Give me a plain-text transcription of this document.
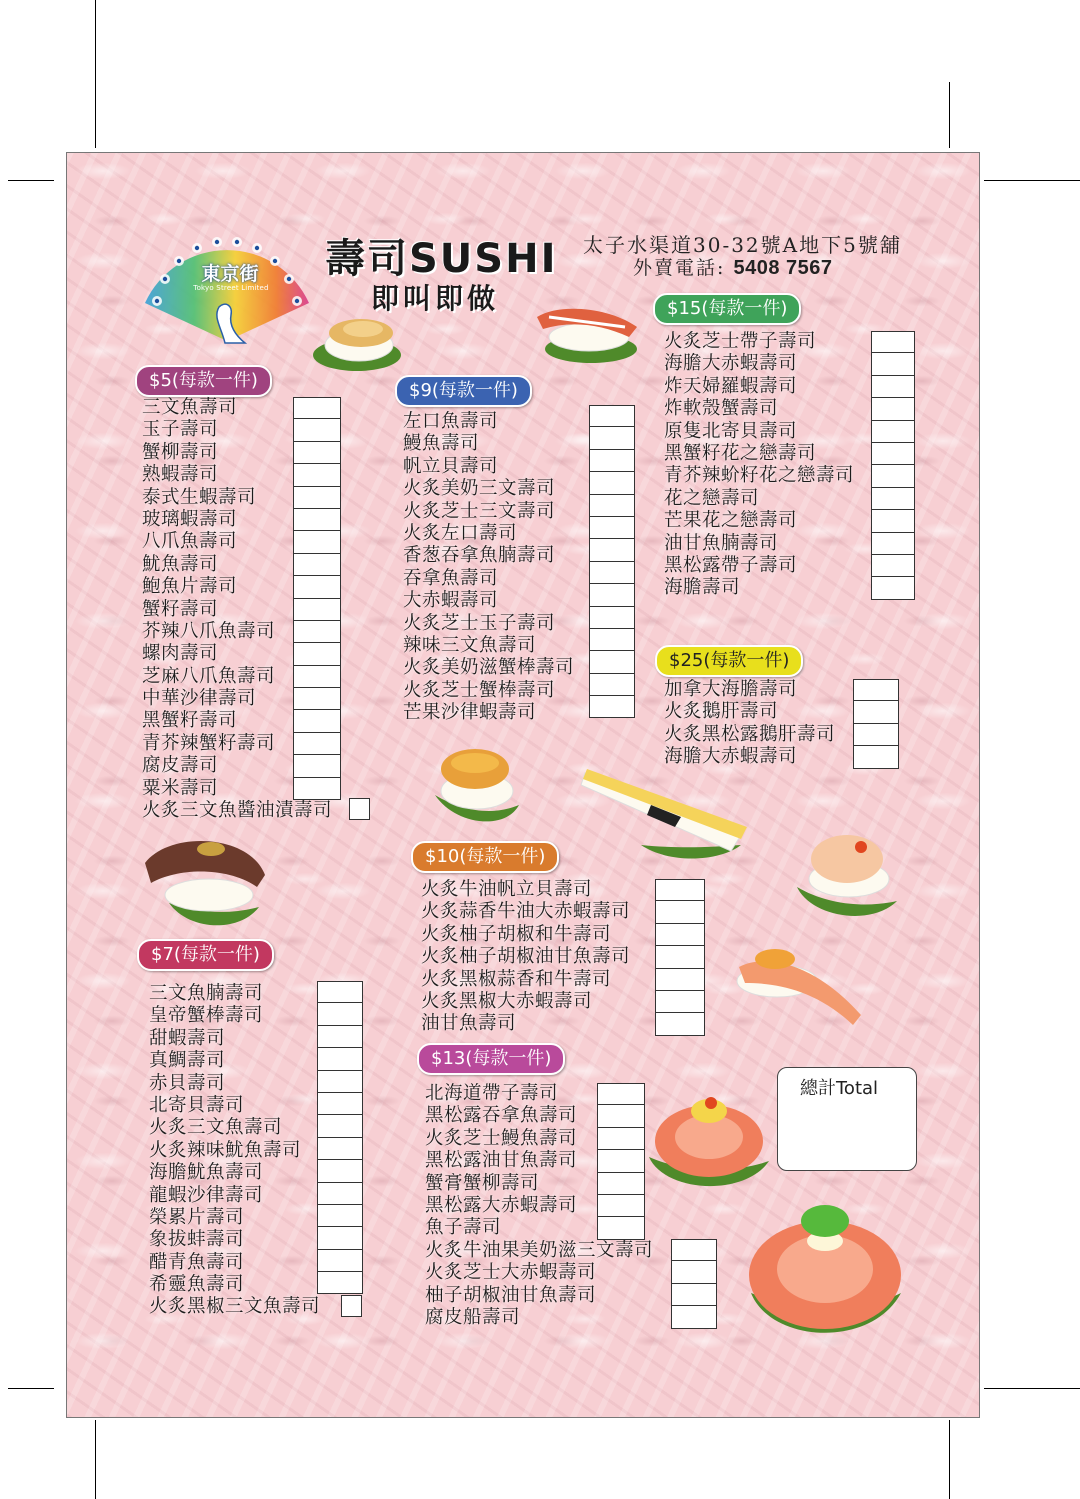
東京街
Tokyo Street Limited
壽司SUSHI
即叫即做
太子水渠道30-32號A地下5號舖
外賣電話: 5408 7567
$5(每款一件)
三文魚壽司
玉子壽司
蟹柳壽司
熟蝦壽司
泰式生蝦壽司
玻璃蝦壽司
八爪魚壽司
魷魚壽司
鮑魚片壽司
蟹籽壽司
芥辣八爪魚壽司
螺肉壽司
芝麻八爪魚壽司
中華沙律壽司
黑蟹籽壽司
青芥辣蟹籽壽司
腐皮壽司
粟米壽司
火炙三文魚醬油漬壽司
$9(每款一件)
左口魚壽司
鰻魚壽司
帆立貝壽司
火炙美奶三文壽司
火炙芝士三文壽司
火炙左口壽司
香葱吞拿魚腩壽司
吞拿魚壽司
大赤蝦壽司
火炙芝士玉子壽司
辣味三文魚壽司
火炙美奶滋蟹棒壽司
火炙芝士蟹棒壽司
芒果沙律蝦壽司
$15(每款一件)
火炙芝士帶子壽司
海膽大赤蝦壽司
炸天婦羅蝦壽司
炸軟殼蟹壽司
原隻北寄貝壽司
黑蟹籽花之戀壽司
青芥辣蚧籽花之戀壽司
花之戀壽司
芒果花之戀壽司
油甘魚腩壽司
黑松露帶子壽司
海膽壽司
$25(每款一件)
加拿大海膽壽司
火炙鵝肝壽司
火炙黑松露鵝肝壽司
海膽大赤蝦壽司
$10(每款一件)
火炙牛油帆立貝壽司
火炙蒜香牛油大赤蝦壽司
火炙柚子胡椒和牛壽司
火炙柚子胡椒油甘魚壽司
火炙黑椒蒜香和牛壽司
火炙黑椒大赤蝦壽司
油甘魚壽司
$7(每款一件)
三文魚腩壽司
皇帝蟹棒壽司
甜蝦壽司
真鯛壽司
赤貝壽司
北寄貝壽司
火炙三文魚壽司
火炙辣味魷魚壽司
海膽魷魚壽司
龍蝦沙律壽司
榮累片壽司
象拔蚌壽司
醋青魚壽司
希靈魚壽司
火炙黑椒三文魚壽司
$13(每款一件)
北海道帶子壽司
黑松露吞拿魚壽司
火炙芝士鰻魚壽司
黑松露油甘魚壽司
蟹膏蟹柳壽司
黑松露大赤蝦壽司
魚子壽司
火炙牛油果美奶滋三文壽司
火炙芝士大赤蝦壽司
柚子胡椒油甘魚壽司
腐皮船壽司
總計Total
